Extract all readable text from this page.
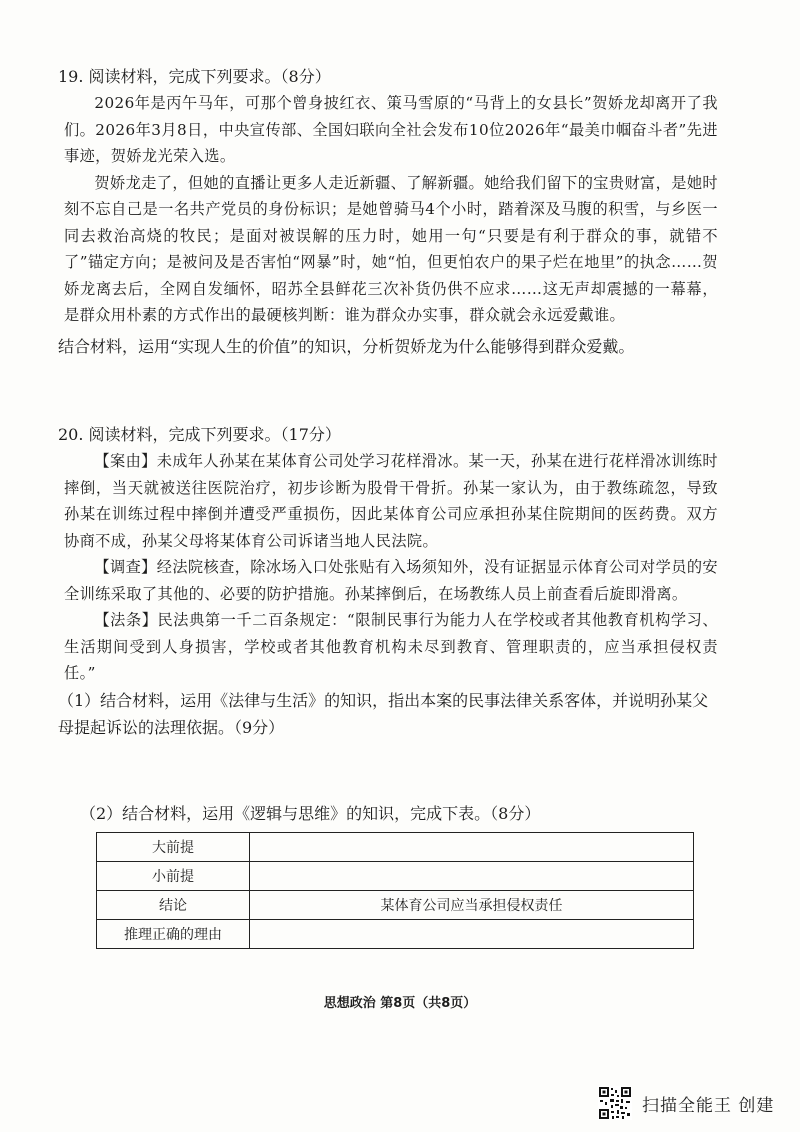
19. 阅读材料，完成下列要求。（8分）
2026年是丙午马年，可那个曾身披红衣、策马雪原的“马背上的女县长”贺娇龙却离开了我们。2026年3月8日，中央宣传部、全国妇联向全社会发布10位2026年“最美巾帼奋斗者”先进事迹，贺娇龙光荣入选。
贺娇龙走了，但她的直播让更多人走近新疆、了解新疆。她给我们留下的宝贵财富，是她时刻不忘自己是一名共产党员的身份标识；是她曾骑马4个小时，踏着深及马腹的积雪，与乡医一同去救治高烧的牧民；是面对被误解的压力时，她用一句“只要是有利于群众的事，就错不了”锚定方向；是被问及是否害怕“网暴”时，她“怕，但更怕农户的果子烂在地里”的执念……贺娇龙离去后，全网自发缅怀，昭苏全县鲜花三次补货仍供不应求……这无声却震撼的一幕幕，是群众用朴素的方式作出的最硬核判断：谁为群众办实事，群众就会永远爱戴谁。
结合材料，运用“实现人生的价值”的知识，分析贺娇龙为什么能够得到群众爱戴。
20. 阅读材料，完成下列要求。（17分）
【案由】未成年人孙某在某体育公司处学习花样滑冰。某一天，孙某在进行花样滑冰训练时摔倒，当天就被送往医院治疗，初步诊断为股骨干骨折。孙某一家认为，由于教练疏忽，导致孙某在训练过程中摔倒并遭受严重损伤，因此某体育公司应承担孙某住院期间的医药费。双方协商不成，孙某父母将某体育公司诉诸当地人民法院。
【调查】经法院核查，除冰场入口处张贴有入场须知外，没有证据显示体育公司对学员的安全训练采取了其他的、必要的防护措施。孙某摔倒后，在场教练人员上前查看后旋即滑离。
【法条】民法典第一千二百条规定：“限制民事行为能力人在学校或者其他教育机构学习、生活期间受到人身损害，学校或者其他教育机构未尽到教育、管理职责的，应当承担侵权责任。”
（1）结合材料，运用《法律与生活》的知识，指出本案的民事法律关系客体，并说明孙某父母提起诉讼的法理依据。（9分）
（2）结合材料，运用《逻辑与思维》的知识，完成下表。（8分）
大前提	
小前提	
结论	某体育公司应当承担侵权责任
推理正确的理由	
思想政治 第8页（共8页）
扫描全能王 创建
